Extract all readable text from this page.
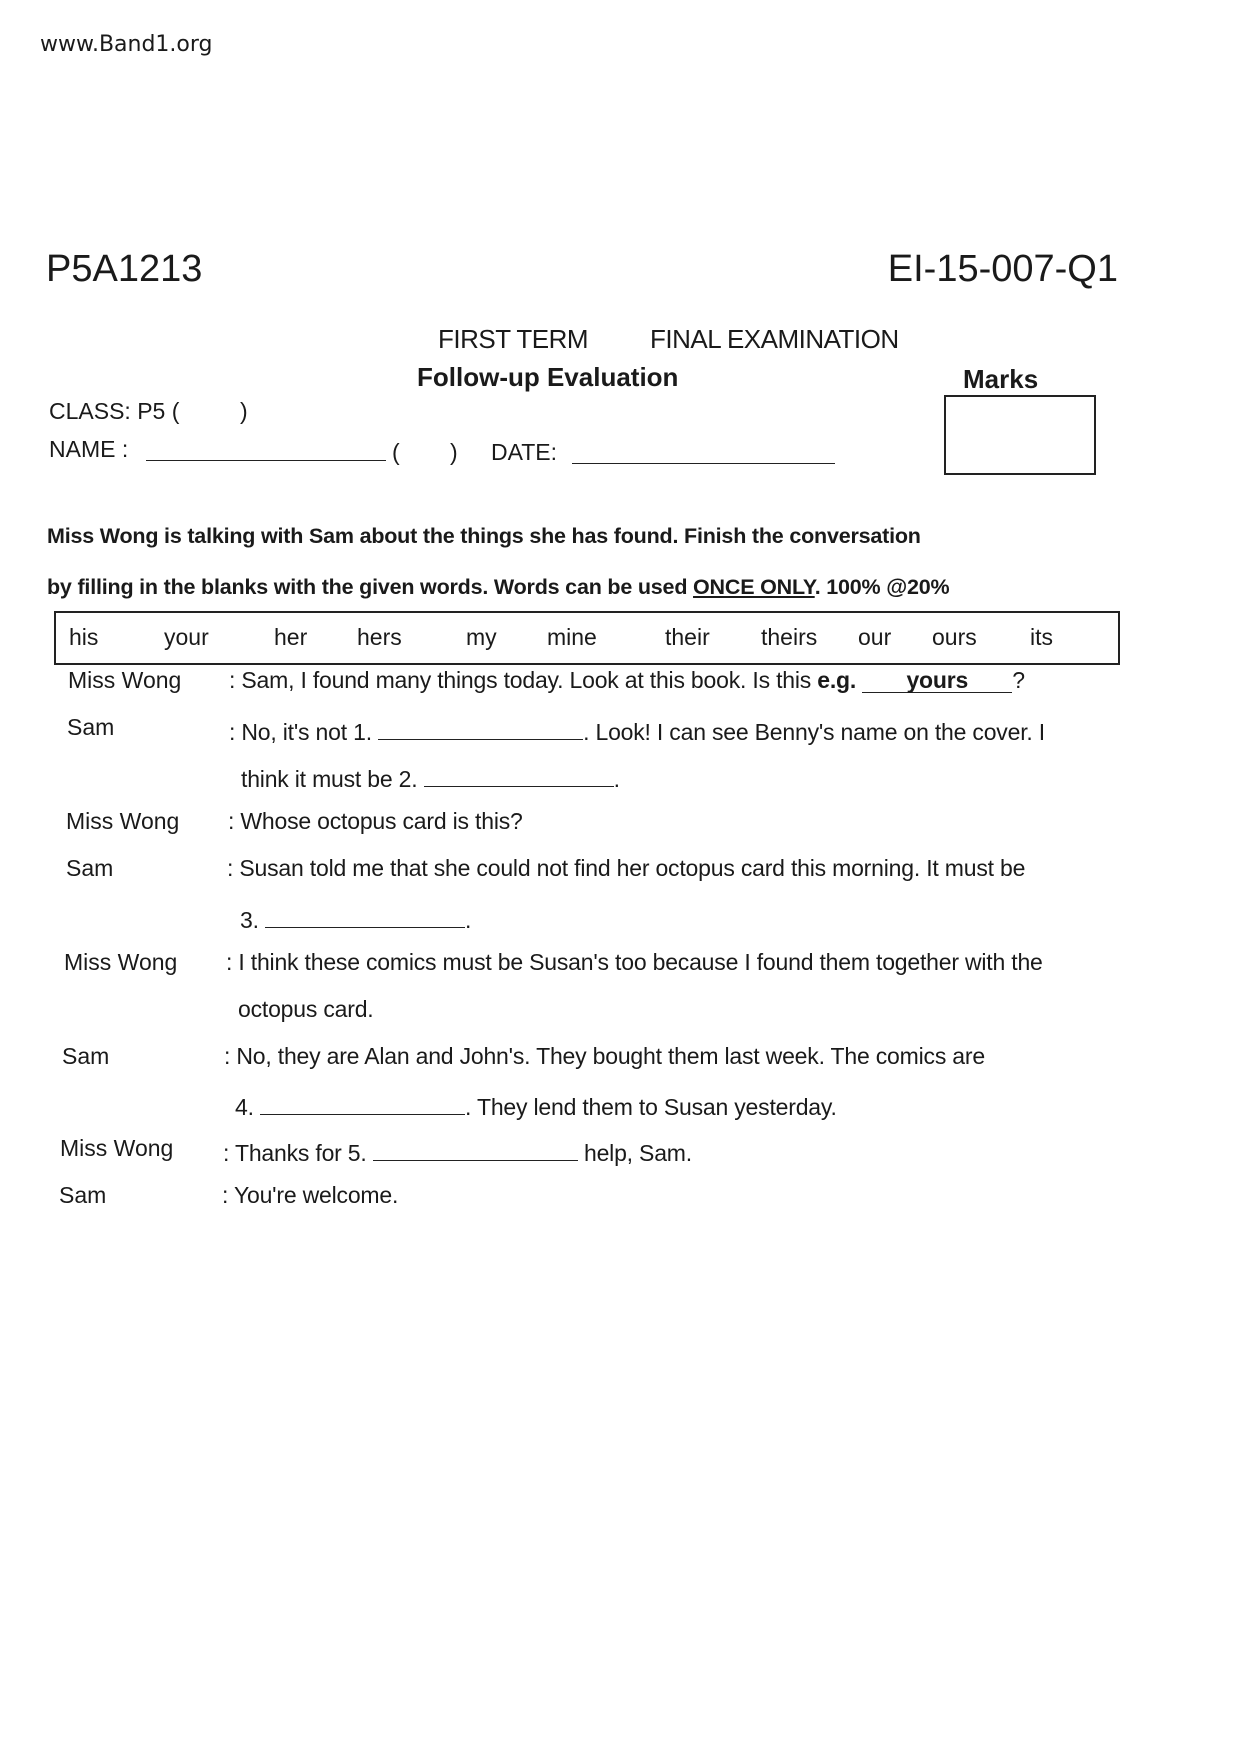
www.Band1.org
P5A1213	EI-15-007-Q1
FIRST TERM FINAL EXAMINATION
Follow-up Evaluation	Marks
CLASS: P5 (	)
NAME :	( ) DATE:
Miss Wong is talking with Sam about the things she has found. Finish the conversation
by filling in the blanks with the given words. Words can be used ONCE ONLY. 100% @20%
his	your	her hers	my mine	their theirs our ours its
Miss Wong : Sam, I found many things today. Look at this book. Is this e.g. yours ?
Sam	: No, it's not 1.	. Look! I can see Benny's name on the cover. I
think it must be 2.	.
Miss Wong : Whose octopus card is this?
Sam	: Susan told me that she could not find her octopus card this morning. It must be
3.	.
Miss Wong : I think these comics must be Susan's too because I found them together with the
octopus card.
Sam	: No, they are Alan and John's. They bought them last week. The comics are
4.	. They lend them to Susan yesterday.
Miss Wong : Thanks for 5.	help, Sam.
Sam	: You're welcome.
